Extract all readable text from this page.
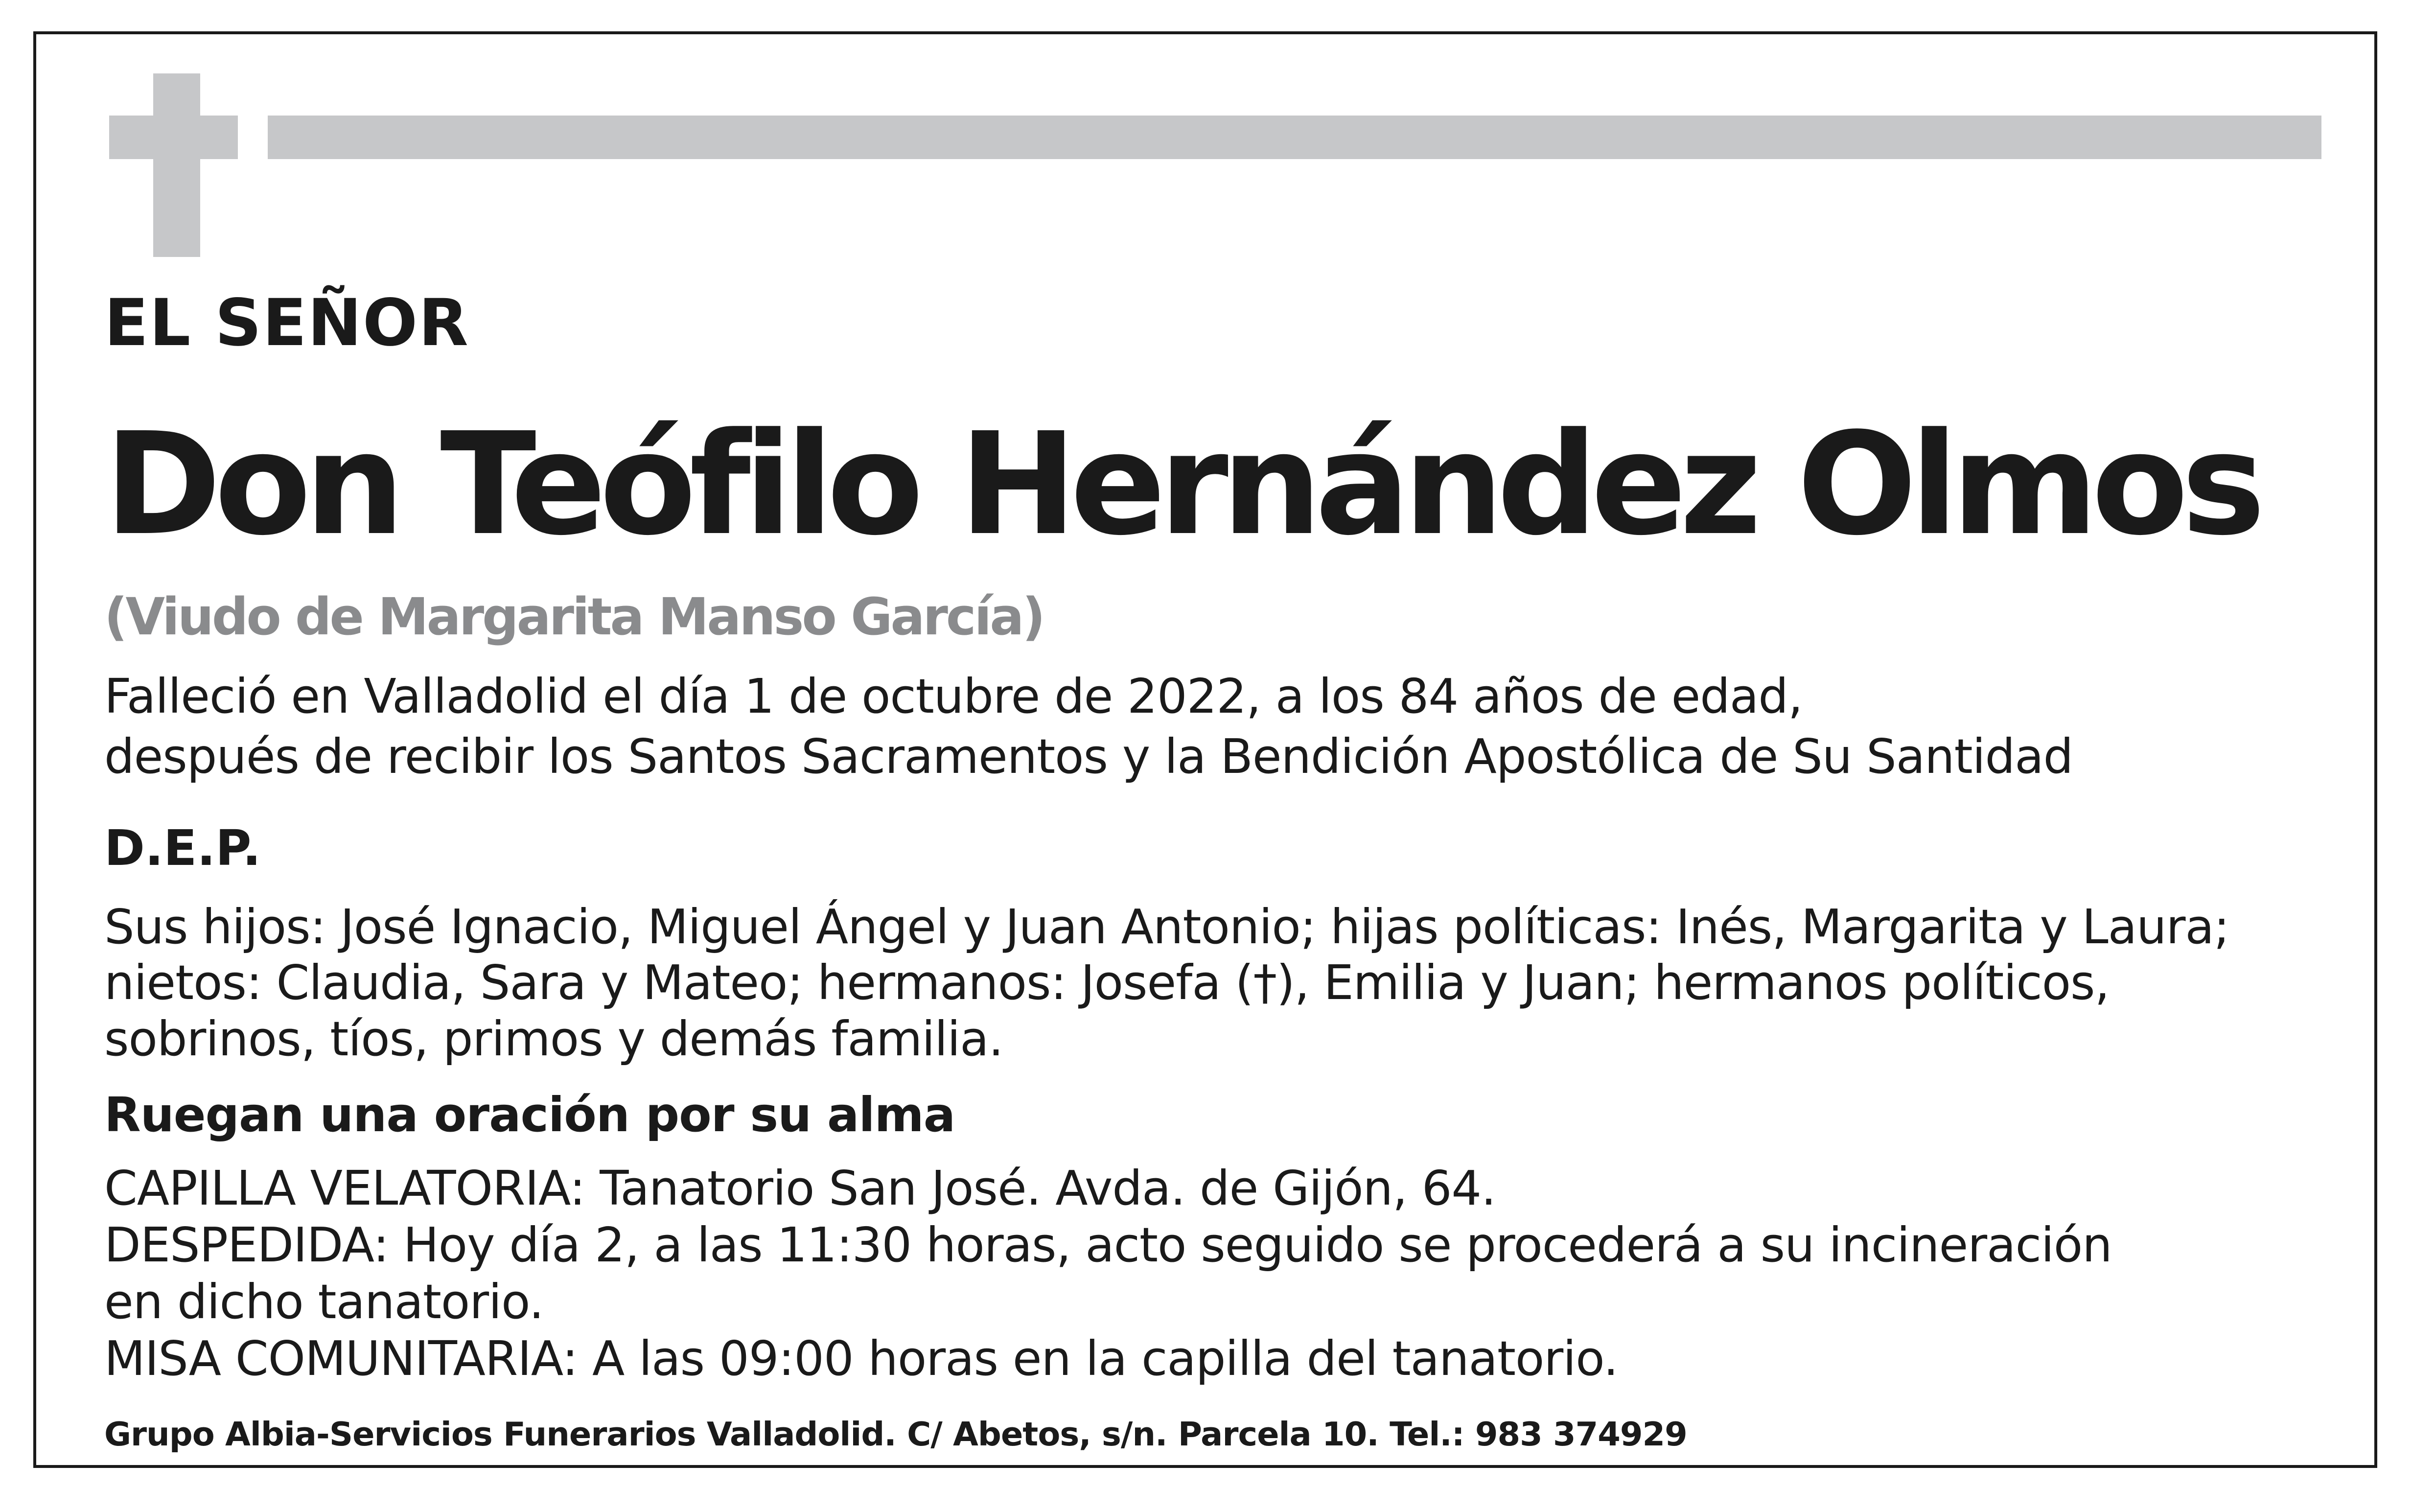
EL SEÑOR

Don Teófilo Hernández Olmos

(Viudo de Margarita Manso García)

Falleció en Valladolid el día 1 de octubre de 2022, a los 84 años de edad,

después de recibir los Santos Sacramentos y la Bendición Apostólica de Su Santidad

D.E.P.

Sus hijos: José Ignacio, Miguel Ángel y Juan Antonio; hijas políticas: Inés, Margarita y Laura;

nietos: Claudia, Sara y Mateo; hermanos: Josefa (†), Emilia y Juan; hermanos políticos,

sobrinos, tíos, primos y demás familia.

Ruegan una oración por su alma

CAPILLA VELATORIA: Tanatorio San José. Avda. de Gijón, 64.

DESPEDIDA: Hoy día 2, a las 11:30 horas, acto seguido se procederá a su incineración

en dicho tanatorio.

MISA COMUNITARIA: A las 09:00 horas en la capilla del tanatorio.

Grupo Albia-Servicios Funerarios Valladolid. C/ Abetos, s/n. Parcela 10. Tel.: 983 374929
